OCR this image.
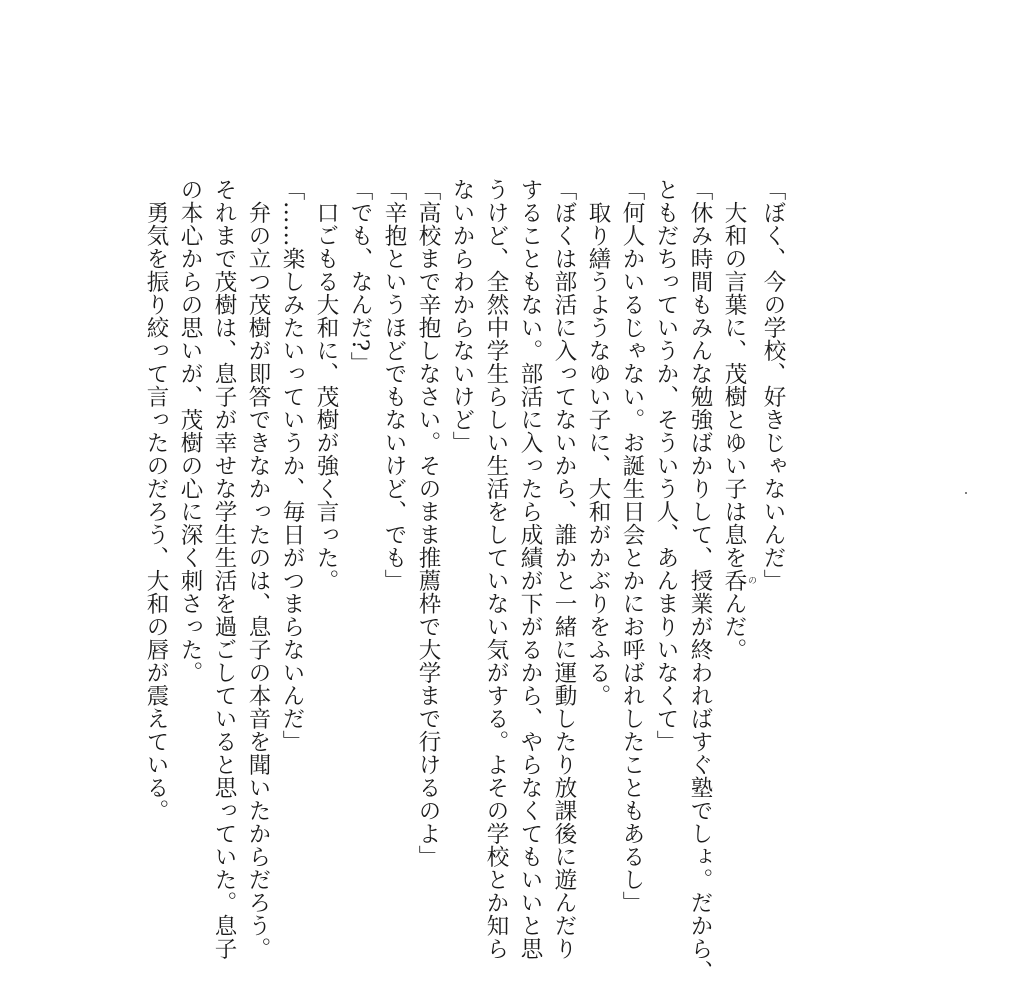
「ぼく、今の学校、好きじゃないんだ」
　大和の言葉に、茂樹とゆい子は息を呑 のんだ。
「休み時間もみんな勉強ばかりして、授業が終わればすぐ塾でしょ。だから、
ともだちっていうか、そういう人、あんまりいなくて」
「何人かいるじゃない。お誕生日会とかにお呼ばれしたこともあるし」
　取り繕うようなゆい子に、大和がかぶりをふる。
「ぼくは部活に入ってないから、誰かと一緒に運動したり放課後に遊んだり
することもない。部活に入ったら成績が下がるから、やらなくてもいいと思
うけど、全然中学生らしい生活をしていない気がする。よその学校とか知ら
ないからわからないけど」
「高校まで辛抱しなさい。そのまま推薦枠で大学まで行けるのよ」
「辛抱というほどでもないけど、でも」
「でも、なんだ?」
　口ごもる大和に、茂樹が強く言った。
「……楽しみたいっていうか、毎日がつまらないんだ」
　弁の立つ茂樹が即答できなかったのは、息子の本音を聞いたからだろう。
それまで茂樹は、息子が幸せな学生生活を過ごしていると思っていた。息子
の本心からの思いが、茂樹の心に深く刺さった。
　勇気を振り絞って言ったのだろう、大和の唇が震えている。
